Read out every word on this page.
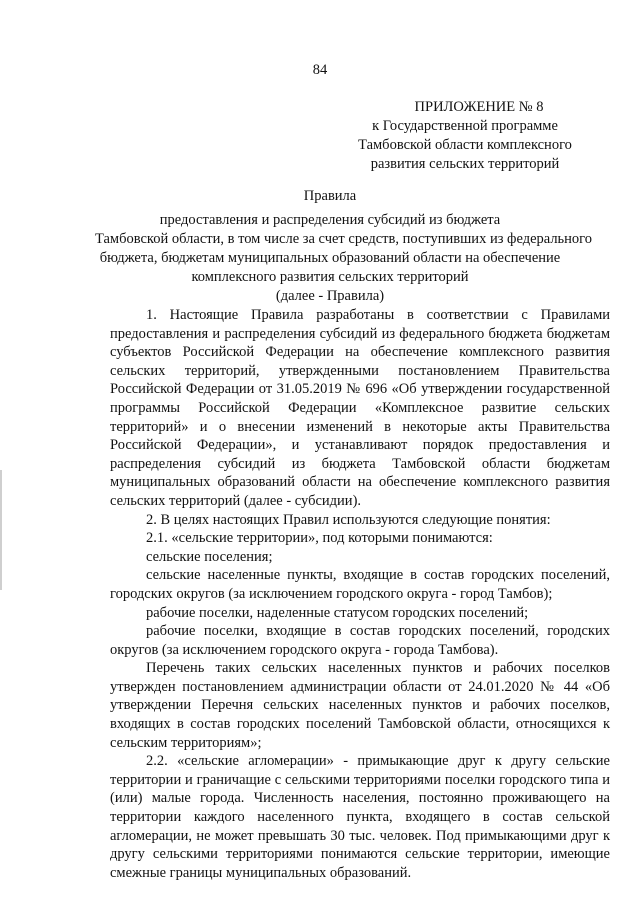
84
ПРИЛОЖЕНИЕ № 8
к Государственной программе
Тамбовской области комплексного
развития сельских территорий
Правила
предоставления и распределения субсидий из бюджета
Тамбовской области, в том числе за счет средств, поступивших из федерального
бюджета, бюджетам муниципальных образований области на обеспечение
комплексного развития сельских территорий
(далее - Правила)

1. Настоящие Правила разработаны в соответствии с Правилами предоставления и распределения субсидий из федерального бюджета бюджетам субъектов Российской Федерации на обеспечение комплексного развития сельских территорий, утвержденными постановлением Правительства Российской Федерации от 31.05.2019 № 696 «Об утверждении государственной программы Российской Федерации «Комплексное развитие сельских территорий» и о внесении изменений в некоторые акты Правительства Российской Федерации», и устанавливают порядок предоставления и распределения субсидий из бюджета Тамбовской области бюджетам муниципальных образований области на обеспечение комплексного развития сельских территорий (далее - субсидии).

2. В целях настоящих Правил используются следующие понятия:

2.1. «сельские территории», под которыми понимаются:

сельские поселения;

сельские населенные пункты, входящие в состав городских поселений, городских округов (за исключением городского округа - город Тамбов);

рабочие поселки, наделенные статусом городских поселений;

рабочие поселки, входящие в состав городских поселений, городских округов (за исключением городского округа - города Тамбова).

Перечень таких сельских населенных пунктов и рабочих поселков утвержден постановлением администрации области от 24.01.2020 № 44 «Об утверждении Перечня сельских населенных пунктов и рабочих поселков, входящих в состав городских поселений Тамбовской области, относящихся к сельским территориям»;

2.2. «сельские агломерации» - примыкающие друг к другу сельские территории и граничащие с сельскими территориями поселки городского типа и (или) малые города. Численность населения, постоянно проживающего на территории каждого населенного пункта, входящего в состав сельской агломерации, не может превышать 30 тыс. человек. Под примыкающими друг к другу сельскими территориями понимаются сельские территории, имеющие смежные границы муниципальных образований.
